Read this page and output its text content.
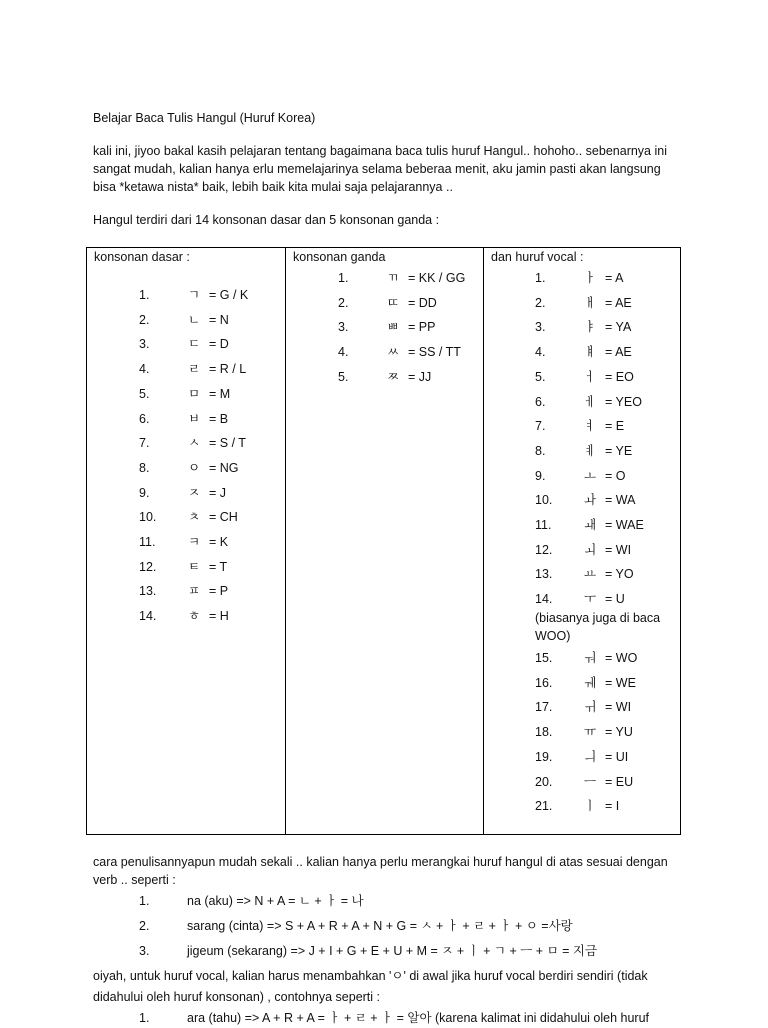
Belajar Baca Tulis Hangul (Huruf Korea)

kali ini, jiyoo bakal kasih pelajaran tentang bagaimana baca tulis huruf Hangul.. hohoho.. sebenarnya ini sangat mudah, kalian hanya erlu memelajarinya selama beberaa menit, aku jamin pasti akan langsung bisa *ketawa nista* baik, lebih baik kita mulai saja pelajarannya ..

Hangul terdiri dari 14 konsonan dasar dan 5 konsonan ganda :

konsonan dasar :
1.	ㄱ = G / K
2.	ㄴ = N
3.	ㄷ = D
4.	ㄹ = R / L
5.	ㅁ = M
6.	ㅂ = B
7.	ㅅ = S / T
8.	ㅇ = NG
9.	ㅈ = J
10.	ㅊ = CH
11.	ㅋ = K
12.	ㅌ = T
13.	ㅍ = P
14.	ㅎ = H
konsonan ganda
1.	ㄲ = KK / GG
2.	ㄸ = DD
3.	ㅃ = PP
4.	ㅆ = SS / TT
5.	ㅉ = JJ
dan huruf vocal :
1.	ㅏ = A
2.	ㅐ = AE
3.	ㅑ = YA
4.	ㅒ = AE
5.	ㅓ = EO
6.	ㅔ = YEO
7.	ㅕ = E
8.	ㅖ = YE
9.	ㅗ = O
10.	ㅘ = WA
11.	ㅙ = WAE
12.	ㅚ = WI
13.	ㅛ = YO
14.	ㅜ = U
(biasanya juga di baca WOO)
15.	ㅝ = WO
16.	ㅞ = WE
17.	ㅟ = WI
18.	ㅠ = YU
19.	ㅢ = UI
20.	ㅡ = EU
21.	ㅣ = I

cara penulisannyapun mudah sekali .. kalian hanya perlu merangkai huruf hangul di atas sesuai dengan verb .. seperti :

1.	na (aku) => N + A = ㄴ + ㅏ = 나
2.	sarang (cinta) => S + A + R + A + N + G = ㅅ + ㅏ + ㄹ + ㅏ + ㅇ =사랑
3.	jigeum (sekarang) => J + I + G + E + U + M = ㅈ + ㅣ + ㄱ + ㅡ + ㅁ = 지금

oiyah, untuk huruf vocal, kalian harus menambahkan 'ㅇ' di awal jika huruf vocal berdiri sendiri (tidak didahului oleh huruf konsonan) , contohnya seperti :

1.	ara (tahu) => A + R + A = ㅏ + ㄹ + ㅏ = 알아 (karena kalimat ini didahului oleh huruf
